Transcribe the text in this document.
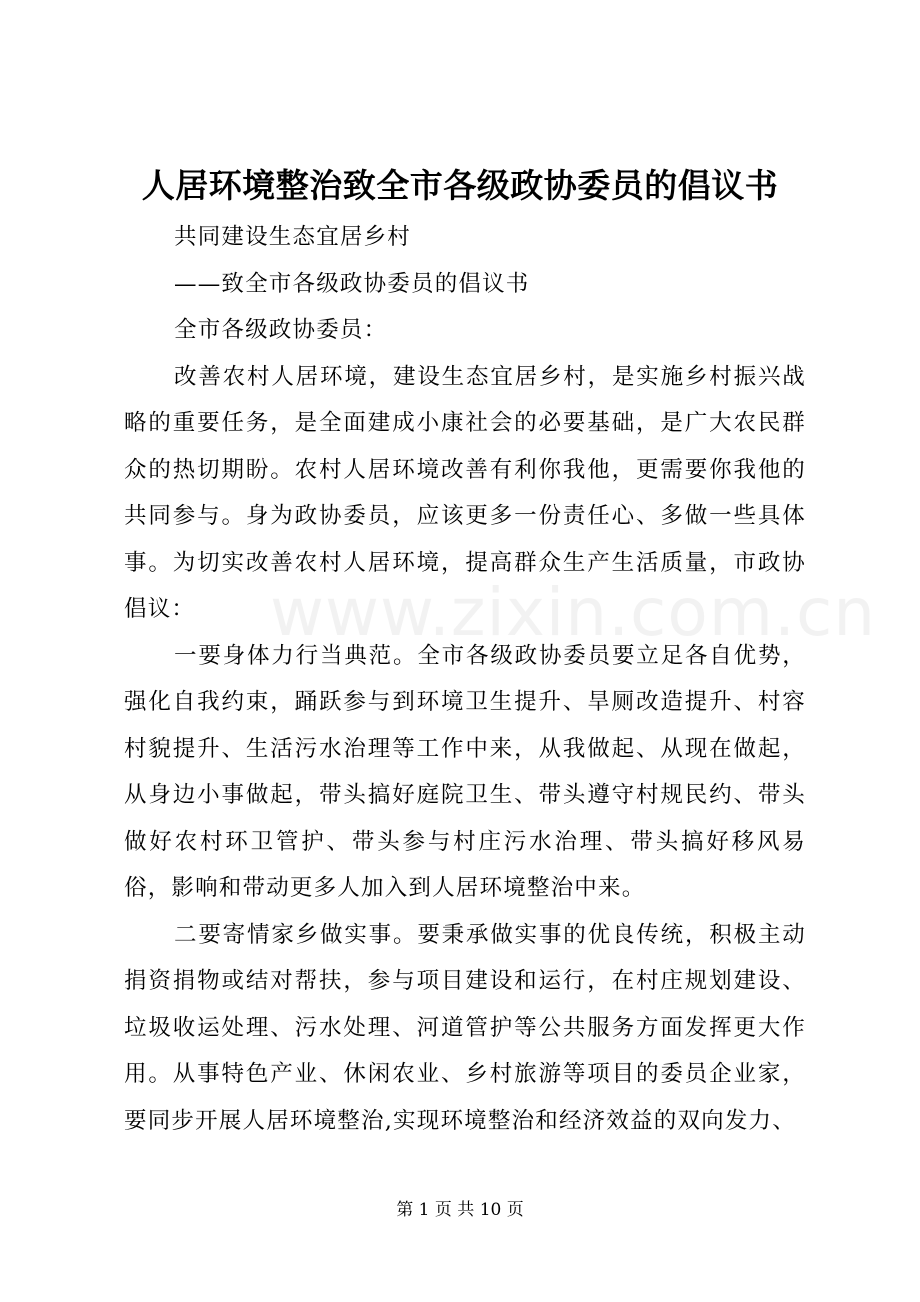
www.zixin.com.cn
人居环境整治致全市各级政协委员的倡议书

共同建设生态宜居乡村

——致全市各级政协委员的倡议书

全市各级政协委员：

改善农村人居环境，建设生态宜居乡村，是实施乡村振兴战略的重要任务，是全面建成小康社会的必要基础，是广大农民群众的热切期盼。农村人居环境改善有利你我他，更需要你我他的共同参与。身为政协委员，应该更多一份责任心、多做一些具体事。为切实改善农村人居环境，提高群众生产生活质量，市政协倡议：

一要身体力行当典范。全市各级政协委员要立足各自优势，强化自我约束，踊跃参与到环境卫生提升、旱厕改造提升、村容村貌提升、生活污水治理等工作中来，从我做起、从现在做起，从身边小事做起，带头搞好庭院卫生、带头遵守村规民约、带头做好农村环卫管护、带头参与村庄污水治理、带头搞好移风易俗，影响和带动更多人加入到人居环境整治中来。

二要寄情家乡做实事。要秉承做实事的优良传统，积极主动捐资捐物或结对帮扶，参与项目建设和运行，在村庄规划建设、垃圾收运处理、污水处理、河道管护等公共服务方面发挥更大作用。从事特色产业、休闲农业、乡村旅游等项目的委员企业家，要同步开展人居环境整治,实现环境整治和经济效益的双向发力、

第 1 页 共 10 页
